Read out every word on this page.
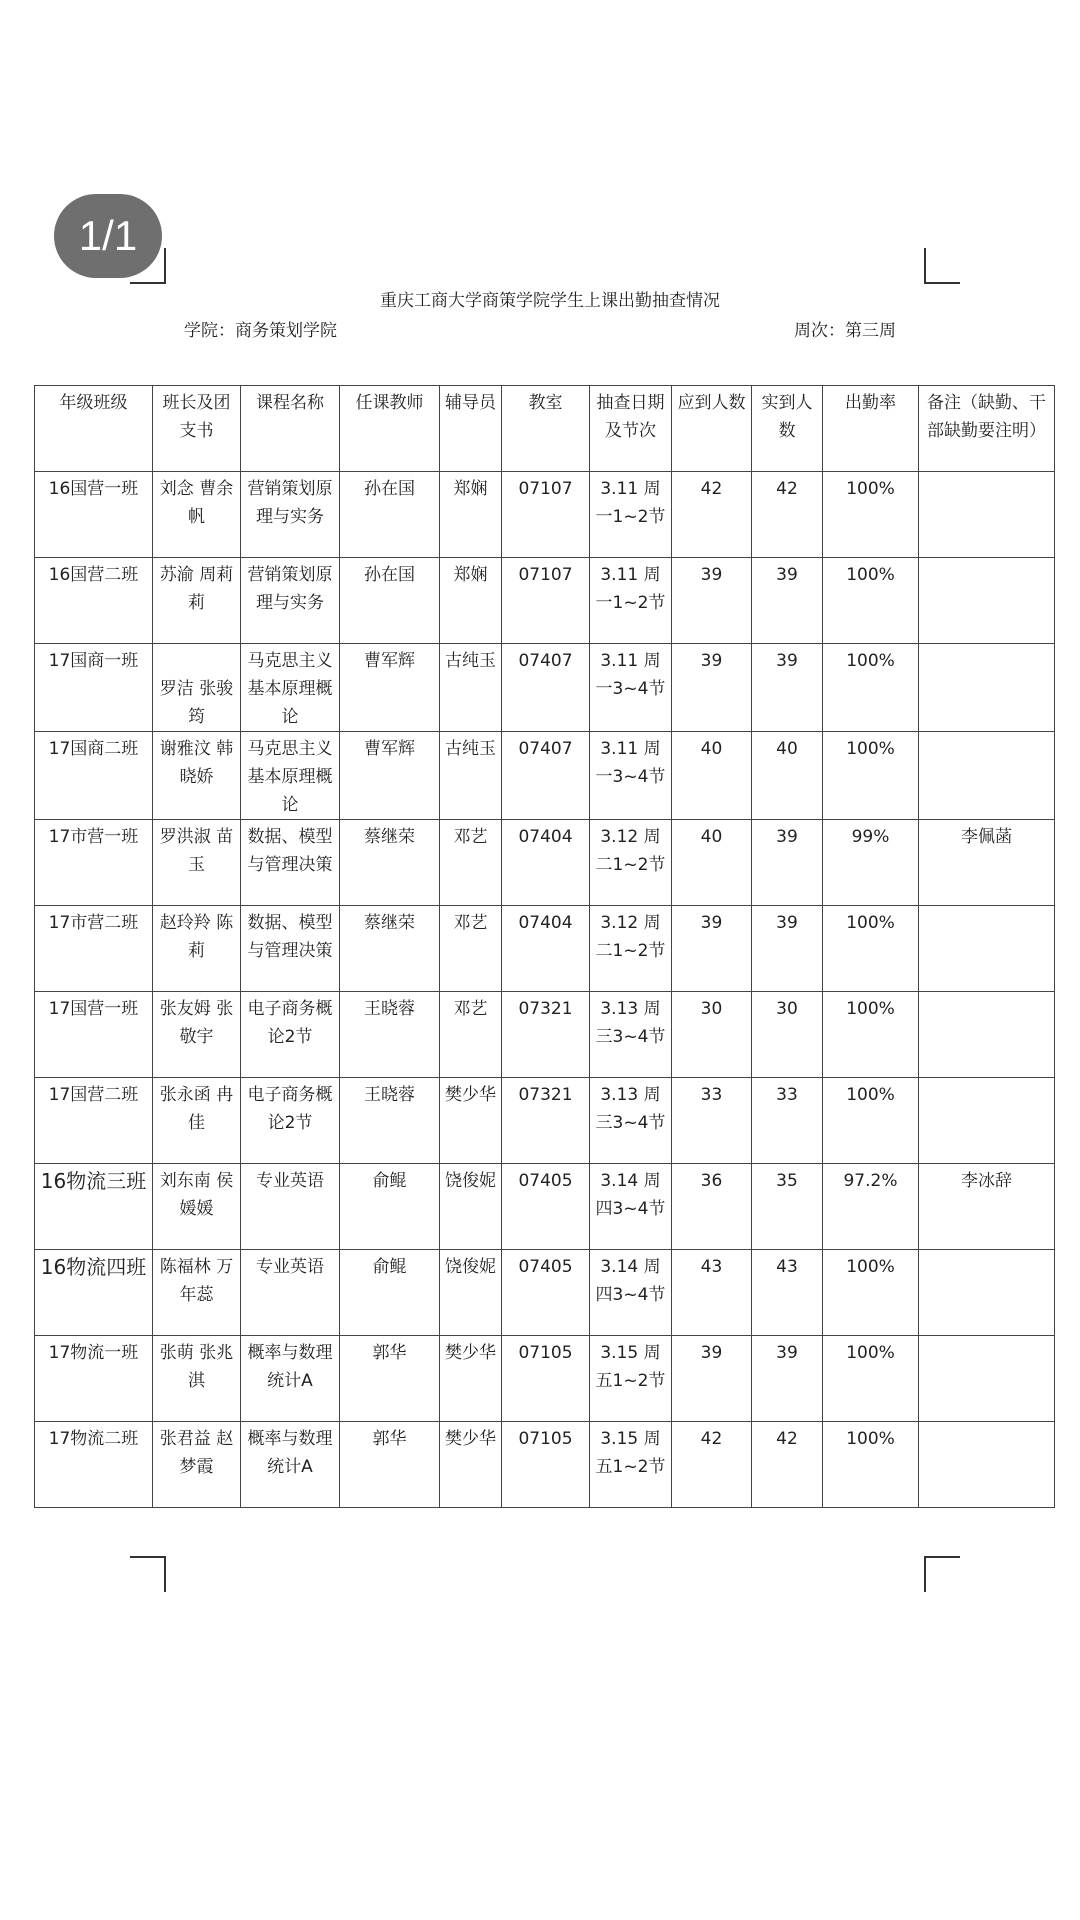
1/1
重庆工商大学商策学院学生上课出勤抽查情况
学院：商务策划学院	周次：第三周
年级班级	班长及团支书	课程名称	任课教师	辅导员	教室	抽查日期及节次	应到人数	实到人数	出勤率	备注（缺勤、干部缺勤要注明）
16国营一班	刘念 曹余帆	营销策划原理与实务	孙在国	郑娴	07107	3.11 周一1~2节	42	42	100%	
16国营二班	苏渝 周莉莉	营销策划原理与实务	孙在国	郑娴	07107	3.11 周一1~2节	39	39	100%	
17国商一班	罗洁 张骏筠	马克思主义基本原理概论	曹军辉	古纯玉	07407	3.11 周一3~4节	39	39	100%	
17国商二班	谢雅汶 韩晓娇	马克思主义基本原理概论	曹军辉	古纯玉	07407	3.11 周一3~4节	40	40	100%	
17市营一班	罗洪淑 苗玉	数据、模型与管理决策	蔡继荣	邓艺	07404	3.12 周二1~2节	40	39	99%	李佩菡
17市营二班	赵玲羚 陈莉	数据、模型与管理决策	蔡继荣	邓艺	07404	3.12 周二1~2节	39	39	100%	
17国营一班	张友姆 张敬宇	电子商务概论2节	王晓蓉	邓艺	07321	3.13 周三3~4节	30	30	100%	
17国营二班	张永函 冉佳	电子商务概论2节	王晓蓉	樊少华	07321	3.13 周三3~4节	33	33	100%	
16物流三班	刘东南 侯媛媛	专业英语	俞鲲	饶俊妮	07405	3.14 周四3~4节	36	35	97.2%	李冰辞
16物流四班	陈福林 万年蕊	专业英语	俞鲲	饶俊妮	07405	3.14 周四3~4节	43	43	100%	
17物流一班	张萌 张兆淇	概率与数理统计A	郭华	樊少华	07105	3.15 周五1~2节	39	39	100%	
17物流二班	张君益 赵梦霞	概率与数理统计A	郭华	樊少华	07105	3.15 周五1~2节	42	42	100%	
